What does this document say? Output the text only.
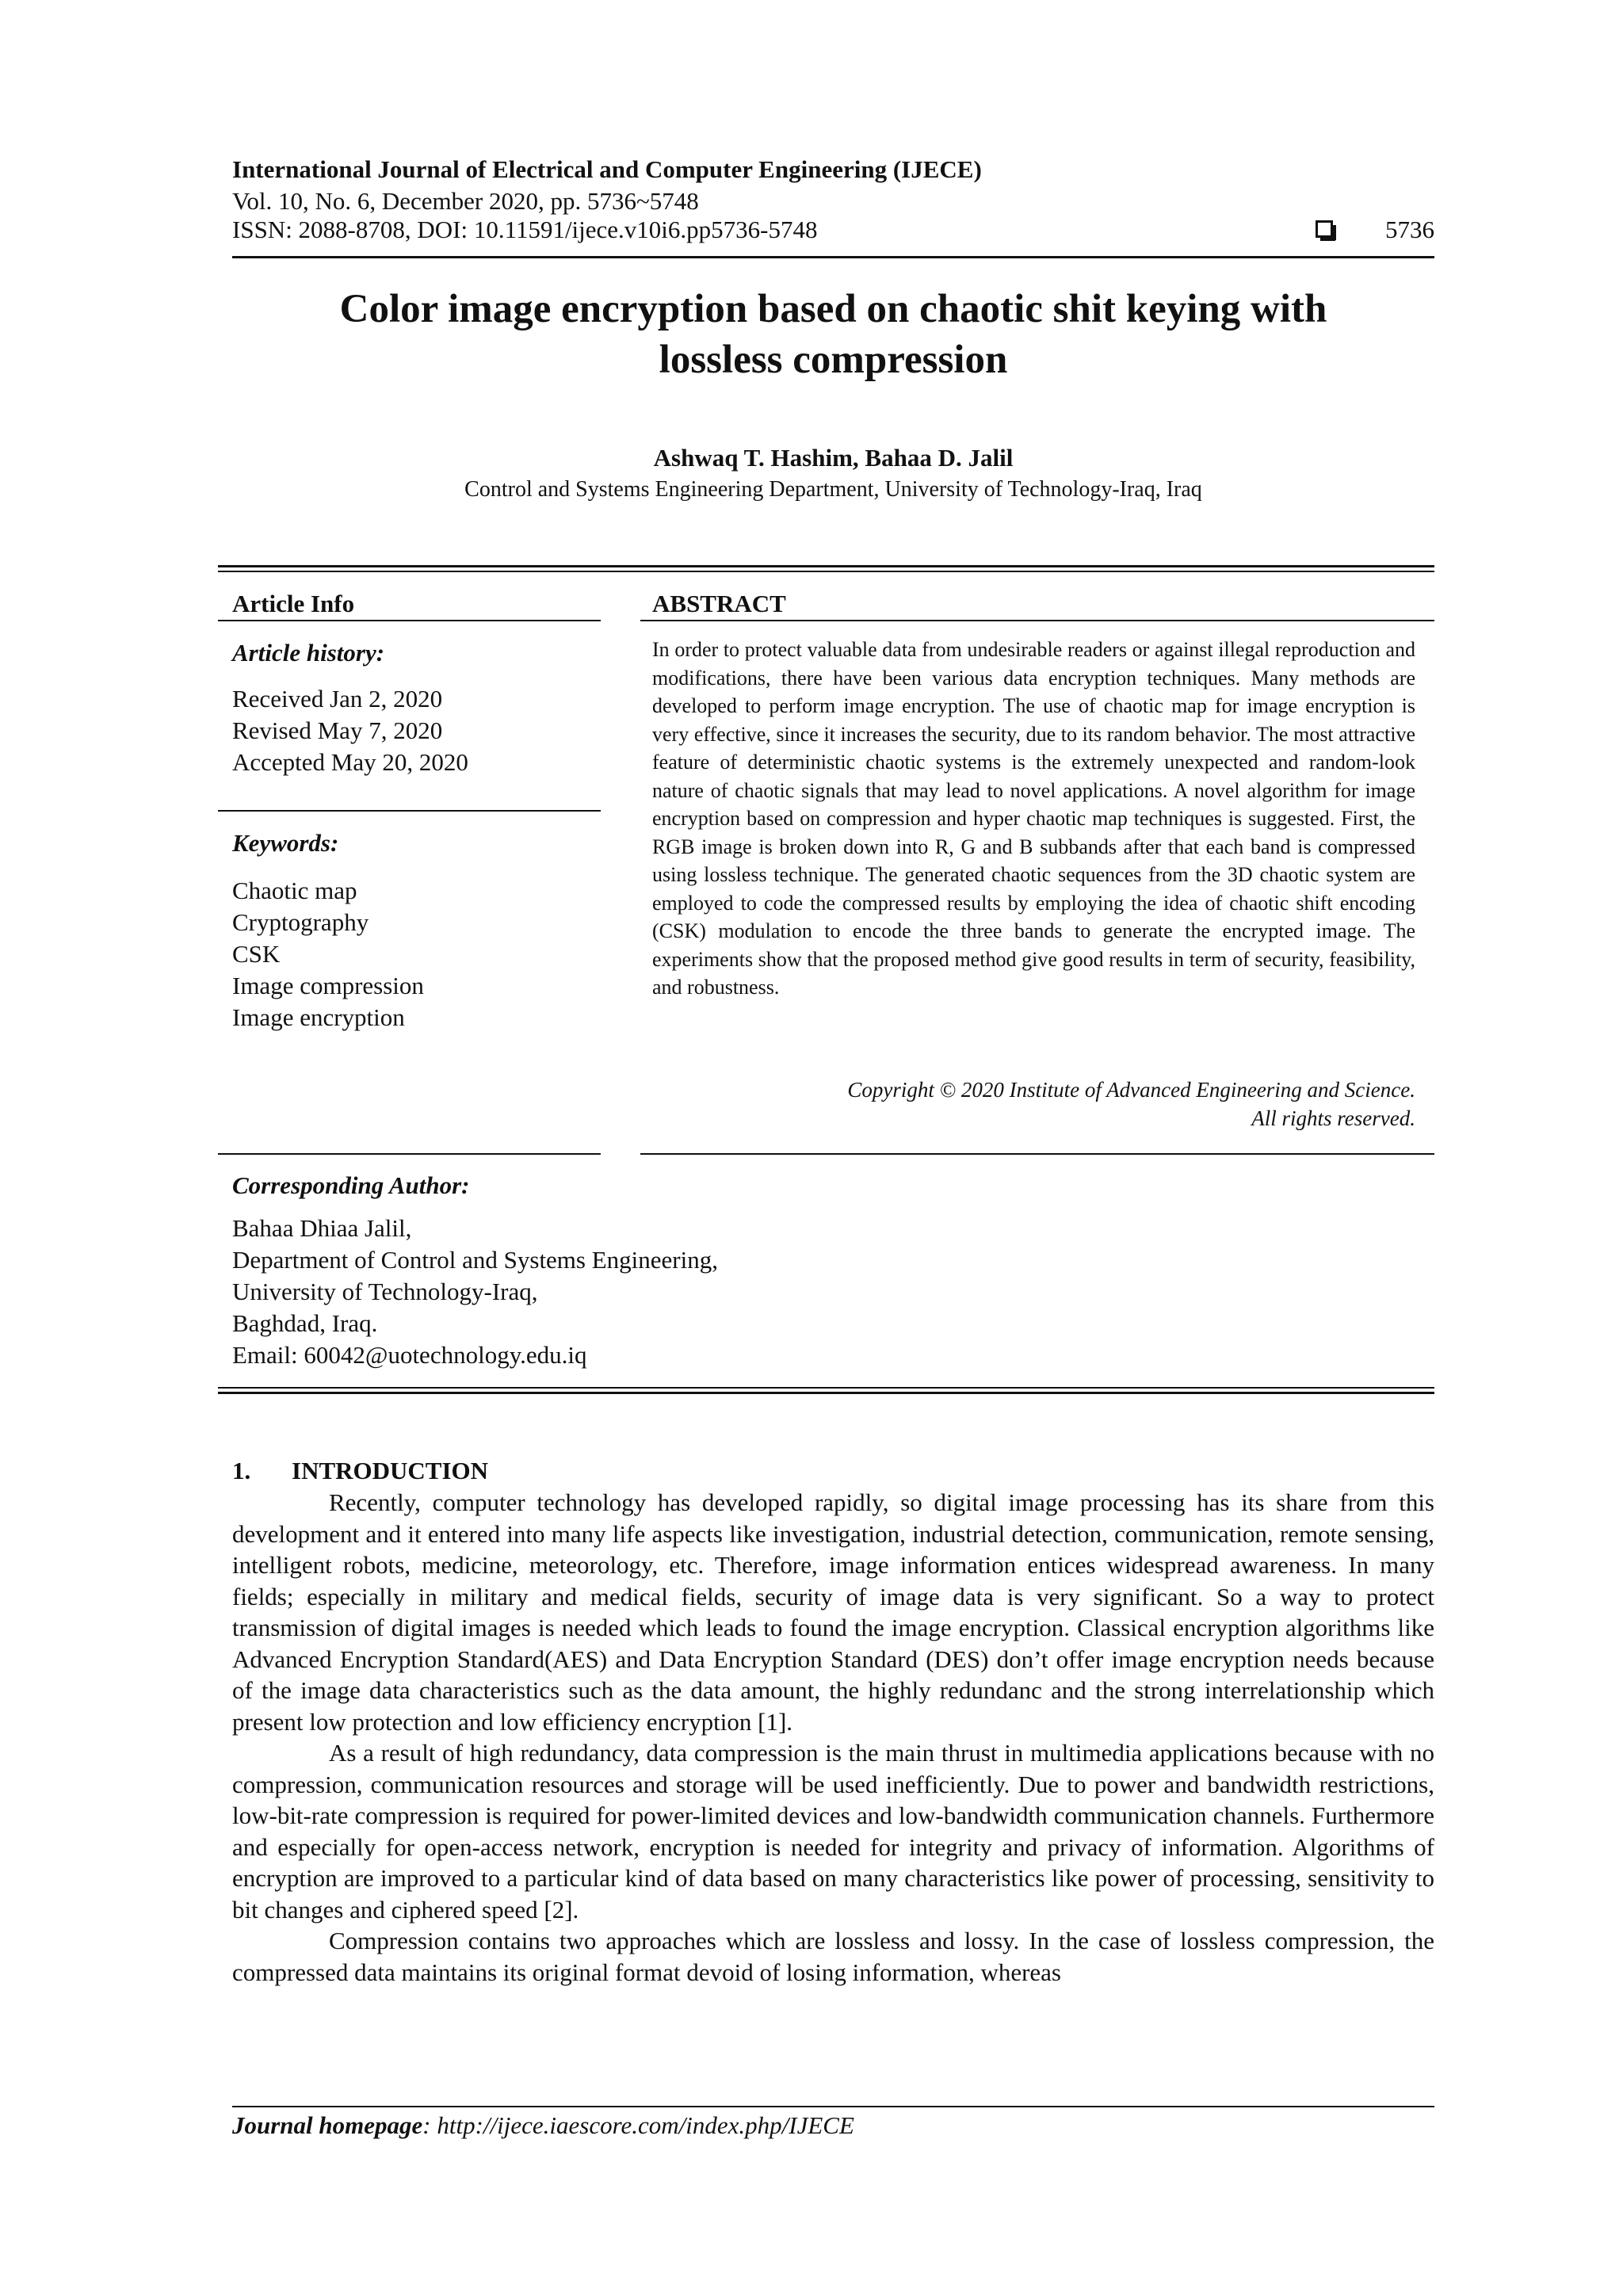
International Journal of Electrical and Computer Engineering (IJECE)
Vol. 10, No. 6, December 2020, pp. 5736~5748
ISSN: 2088-8708, DOI: 10.11591/ijece.v10i6.pp5736-5748	5736
Color image encryption based on chaotic shit keying with
lossless compression
Ashwaq T. Hashim, Bahaa D. Jalil
Control and Systems Engineering Department, University of Technology-Iraq, Iraq
Article Info
Article history:
Received Jan 2, 2020
Revised May 7, 2020
Accepted May 20, 2020
Keywords:
Chaotic map
Cryptography
CSK
Image compression
Image encryption
ABSTRACT
In order to protect valuable data from undesirable readers or against illegal reproduction and modifications, there have been various data encryption techniques. Many methods are developed to perform image encryption. The use of chaotic map for image encryption is very effective, since it increases the security, due to its random behavior. The most attractive feature of deterministic chaotic systems is the extremely unexpected and random-look nature of chaotic signals that may lead to novel applications. A novel algorithm for image encryption based on compression and hyper chaotic map techniques is suggested. First, the RGB image is broken down into R, G and B subbands after that each band is compressed using lossless technique. The generated chaotic sequences from the 3D chaotic system are employed to code the compressed results by employing the idea of chaotic shift encoding (CSK) modulation to encode the three bands to generate the encrypted image. The experiments show that the proposed method give good results in term of security, feasibility, and robustness.
Copyright © 2020 Institute of Advanced Engineering and Science.
All rights reserved.
Corresponding Author:
Bahaa Dhiaa Jalil,
Department of Control and Systems Engineering,
University of Technology-Iraq,
Baghdad, Iraq.
Email: 60042@uotechnology.edu.iq
1. INTRODUCTION

Recently, computer technology has developed rapidly, so digital image processing has its share from this development and it entered into many life aspects like investigation, industrial detection, communication, remote sensing, intelligent robots, medicine, meteorology, etc. Therefore, image information entices widespread awareness. In many fields; especially in military and medical fields, security of image data is very significant. So a way to protect transmission of digital images is needed which leads to found the image encryption. Classical encryption algorithms like Advanced Encryption Standard(AES) and Data Encryption Standard (DES) don’t offer image encryption needs because of the image data characteristics such as the data amount, the highly redundanc and the strong interrelationship which present low protection and low efficiency encryption [1].

As a result of high redundancy, data compression is the main thrust in multimedia applications because with no compression, communication resources and storage will be used inefficiently. Due to power and bandwidth restrictions, low-bit-rate compression is required for power-limited devices and low-bandwidth communication channels. Furthermore and especially for open-access network, encryption is needed for integrity and privacy of information. Algorithms of encryption are improved to a particular kind of data based on many characteristics like power of processing, sensitivity to bit changes and ciphered speed [2].

Compression contains two approaches which are lossless and lossy. In the case of lossless compression, the compressed data maintains its original format devoid of losing information, whereas

Journal homepage: http://ijece.iaescore.com/index.php/IJECE
